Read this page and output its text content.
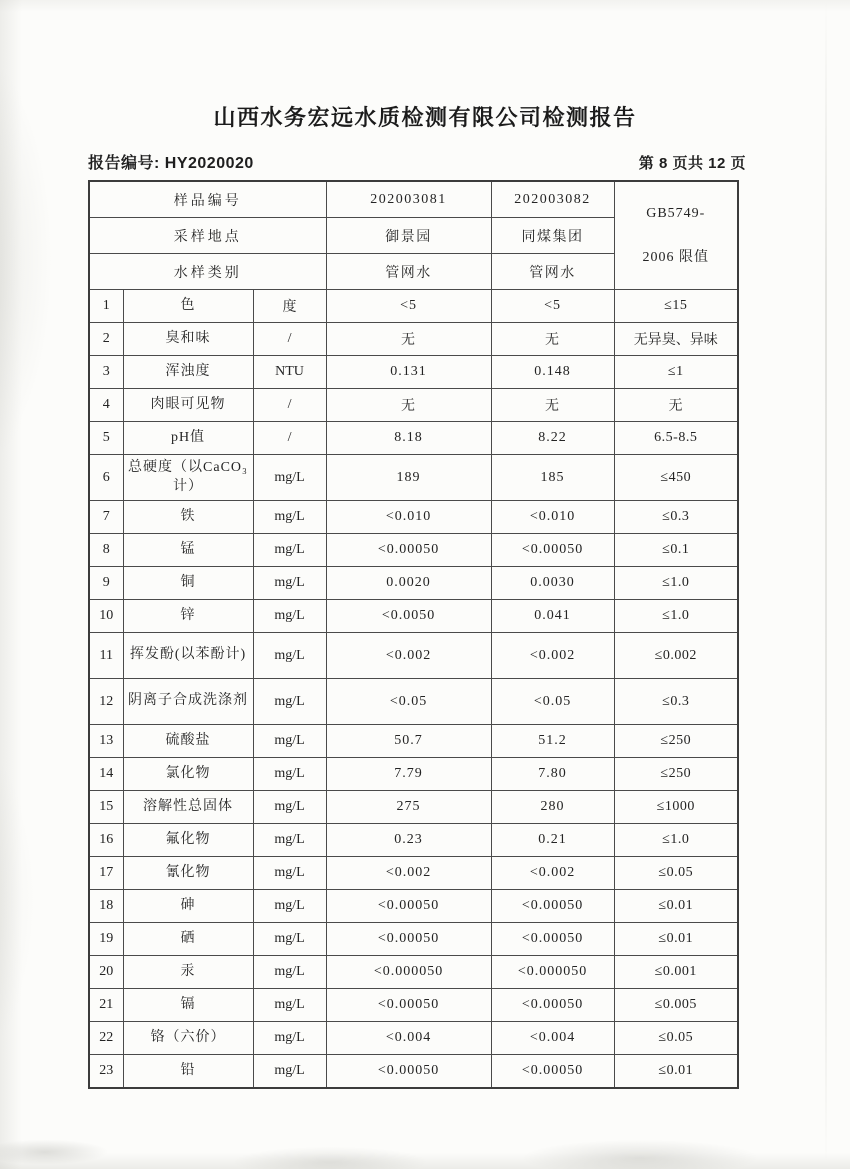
山西水务宏远水质检测有限公司检测报告
报告编号: HY2020020	第 8 页共 12 页
样品编号			202003081	202003082	GB5749-
2006 限值

采样地点			御景园	同煤集团	
水样类别			管网水	管网水	
1	色	度	<5	<5	≤15
2	臭和味	/	无	无	无异臭、异味
3	浑浊度	NTU	0.131	0.148	≤1
4	肉眼可见物	/	无	无	无
5	pH值	/	8.18	8.22	6.5-8.5
6	总硬度（以CaCO₃计）	mg/L	189	185	≤450
7	铁	mg/L	<0.010	<0.010	≤0.3
8	锰	mg/L	<0.00050	<0.00050	≤0.1
9	铜	mg/L	0.0020	0.0030	≤1.0
10	锌	mg/L	<0.0050	0.041	≤1.0
11	挥发酚(以苯酚计)	mg/L	<0.002	<0.002	≤0.002
12	阴离子合成洗涤剂	mg/L	<0.05	<0.05	≤0.3
13	硫酸盐	mg/L	50.7	51.2	≤250
14	氯化物	mg/L	7.79	7.80	≤250
15	溶解性总固体	mg/L	275	280	≤1000
16	氟化物	mg/L	0.23	0.21	≤1.0
17	氰化物	mg/L	<0.002	<0.002	≤0.05
18	砷	mg/L	<0.00050	<0.00050	≤0.01
19	硒	mg/L	<0.00050	<0.00050	≤0.01
20	汞	mg/L	<0.000050	<0.000050	≤0.001
21	镉	mg/L	<0.00050	<0.00050	≤0.005
22	铬（六价）	mg/L	<0.004	<0.004	≤0.05
23	铅	mg/L	<0.00050	<0.00050	≤0.01
